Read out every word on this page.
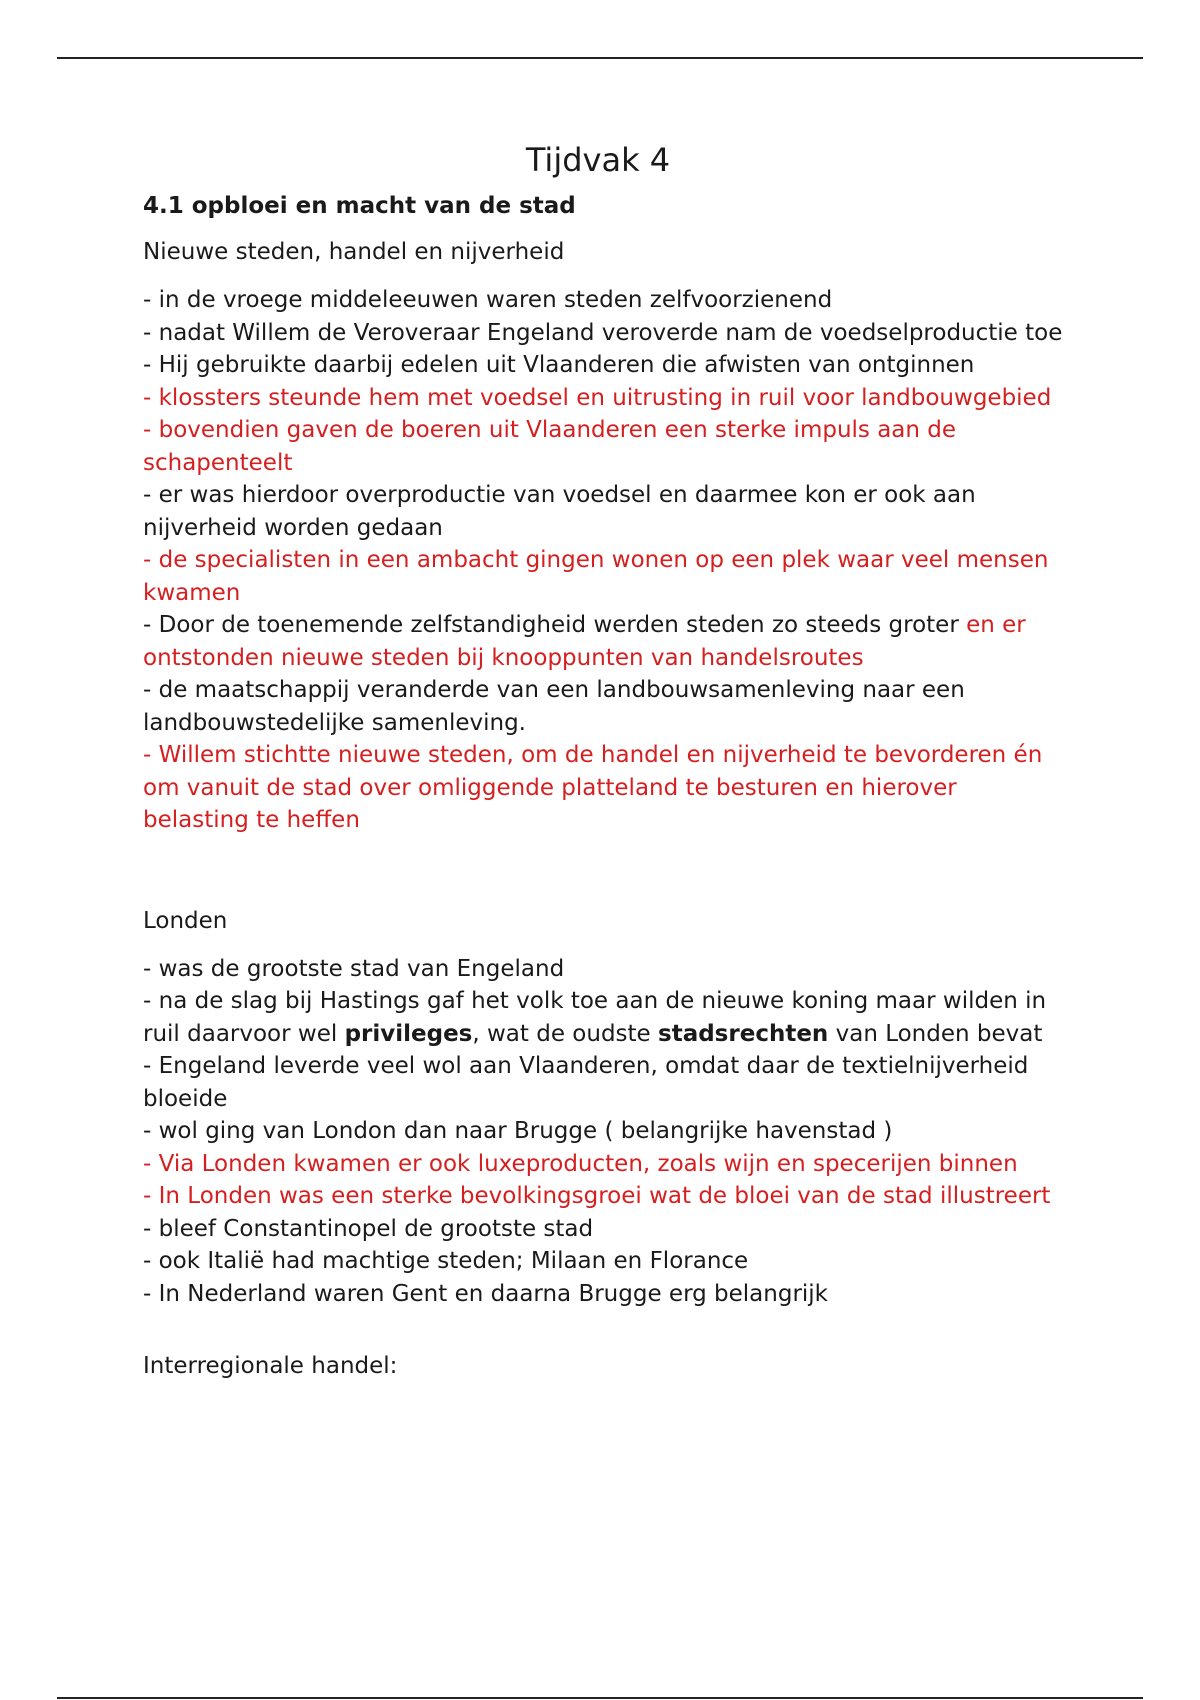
Tijdvak 4
4.1 opbloei en macht van de stad
Nieuwe steden, handel en nijverheid
- in de vroege middeleeuwen waren steden zelfvoorzienend
- nadat Willem de Veroveraar Engeland veroverde nam de voedselproductie toe
- Hij gebruikte daarbij edelen uit Vlaanderen die afwisten van ontginnen
- klossters steunde hem met voedsel en uitrusting in ruil voor landbouwgebied
- bovendien gaven de boeren uit Vlaanderen een sterke impuls aan de schapenteelt
- er was hierdoor overproductie van voedsel en daarmee kon er ook aan nijverheid worden gedaan
- de specialisten in een ambacht gingen wonen op een plek waar veel mensen kwamen
- Door de toenemende zelfstandigheid werden steden zo steeds groter en er ontstonden nieuwe steden bij knooppunten van handelsroutes
- de maatschappij veranderde van een landbouwsamenleving naar een landbouwstedelijke samenleving.
- Willem stichtte nieuwe steden, om de handel en nijverheid te bevorderen én om vanuit de stad over omliggende platteland te besturen en hierover belasting te heffen
Londen
- was de grootste stad van Engeland
- na de slag bij Hastings gaf het volk toe aan de nieuwe koning maar wilden in ruil daarvoor wel privileges, wat de oudste stadsrechten van Londen bevat
- Engeland leverde veel wol aan Vlaanderen, omdat daar de textielnijverheid bloeide
- wol ging van London dan naar Brugge ( belangrijke havenstad )
- Via Londen kwamen er ook luxeproducten, zoals wijn en specerijen binnen
- In Londen was een sterke bevolkingsgroei wat de bloei van de stad illustreert
- bleef Constantinopel de grootste stad
- ook Italië had machtige steden; Milaan en Florance
- In Nederland waren Gent en daarna Brugge erg belangrijk
Interregionale handel:
